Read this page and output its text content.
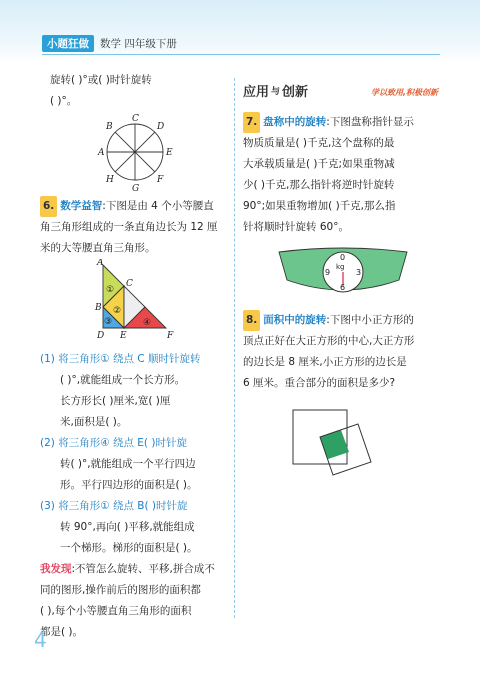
小题狂做	数学 四年级下册

旋转( )°或( )时针旋转

( )°。

C
D
E
F
G
H
A
B

6. 数学益智:下图是由 4 个小等腰直

角三角形组成的一条直角边长为 12 厘

米的大等腰直角三角形。

A
B
C
D E	F
①
②
③	④

(1) 将三角形① 绕点 C 顺时针旋转

( )°,就能组成一个长方形。

长方形长( )厘米,宽( )厘

米,面积是( )。

(2) 将三角形④ 绕点 E( )时针旋

转( )°,就能组成一个平行四边

形。平行四边形的面积是( )。

(3) 将三角形① 绕点 B( )时针旋

转 90°,再向( )平移,就能组成

一个梯形。梯形的面积是( )。

我发现:不管怎么旋转、平移,拼合成不

同的图形,操作前后的图形的面积都

( ),每个小等腰直角三角形的面积

都是( )。

应用 与 创新	学以致用,积极创新

7. 盘称中的旋转:下图盘称指针显示

物质质量是( )千克,这个盘称的最

大承载质量是( )千克;如果重物减

少( )千克,那么指针将逆时针旋转

90°;如果重物增加( )千克,那么指

针将顺时针旋转 60°。

0
3
6
9
kg

8. 面积中的旋转:下图中小正方形的

顶点正好在大正方形的中心,大正方形

的边长是 8 厘米,小正方形的边长是

6 厘米。重合部分的面积是多少?

4
